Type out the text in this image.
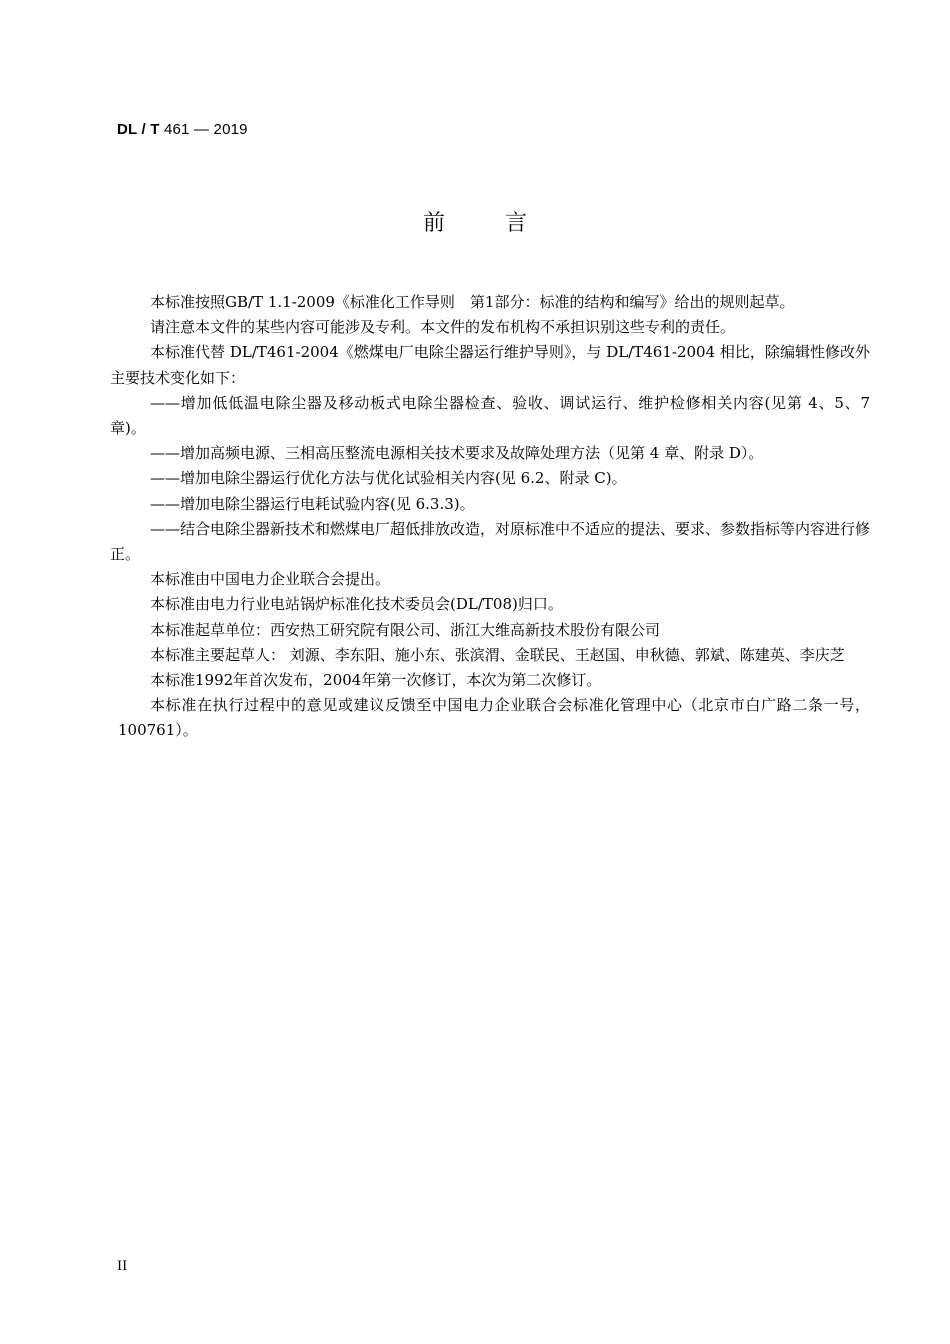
DL / T 461 — 2019
前	言

本标准按照GB/T 1.1-2009《标准化工作导则　第1部分：标准的结构和编写》给出的规则起草。

请注意本文件的某些内容可能涉及专利。本文件的发布机构不承担识别这些专利的责任。

本标准代替 DL/T461-2004《燃煤电厂电除尘器运行维护导则》，与 DL/T461-2004 相比，除编辑性修改外主要技术变化如下：

——增加低低温电除尘器及移动板式电除尘器检查、验收、调试运行、维护检修相关内容(见第 4、5、7 章)。

——增加高频电源、三相高压整流电源相关技术要求及故障处理方法（见第 4 章、附录 D）。

——增加电除尘器运行优化方法与优化试验相关内容(见 6.2、附录 C)。

——增加电除尘器运行电耗试验内容(见 6.3.3)。

——结合电除尘器新技术和燃煤电厂超低排放改造，对原标准中不适应的提法、要求、参数指标等内容进行修正。

本标准由中国电力企业联合会提出。

本标准由电力行业电站锅炉标准化技术委员会(DL/T08)归口。

本标准起草单位：西安热工研究院有限公司、浙江大维高新技术股份有限公司

本标准主要起草人： 刘源、李东阳、施小东、张滨渭、金联民、王赵国、申秋德、郭斌、陈建英、李庆芝

本标准1992年首次发布，2004年第一次修订，本次为第二次修订。

本标准在执行过程中的意见或建议反馈至中国电力企业联合会标准化管理中心（北京市白广路二条一号，100761）。

II
